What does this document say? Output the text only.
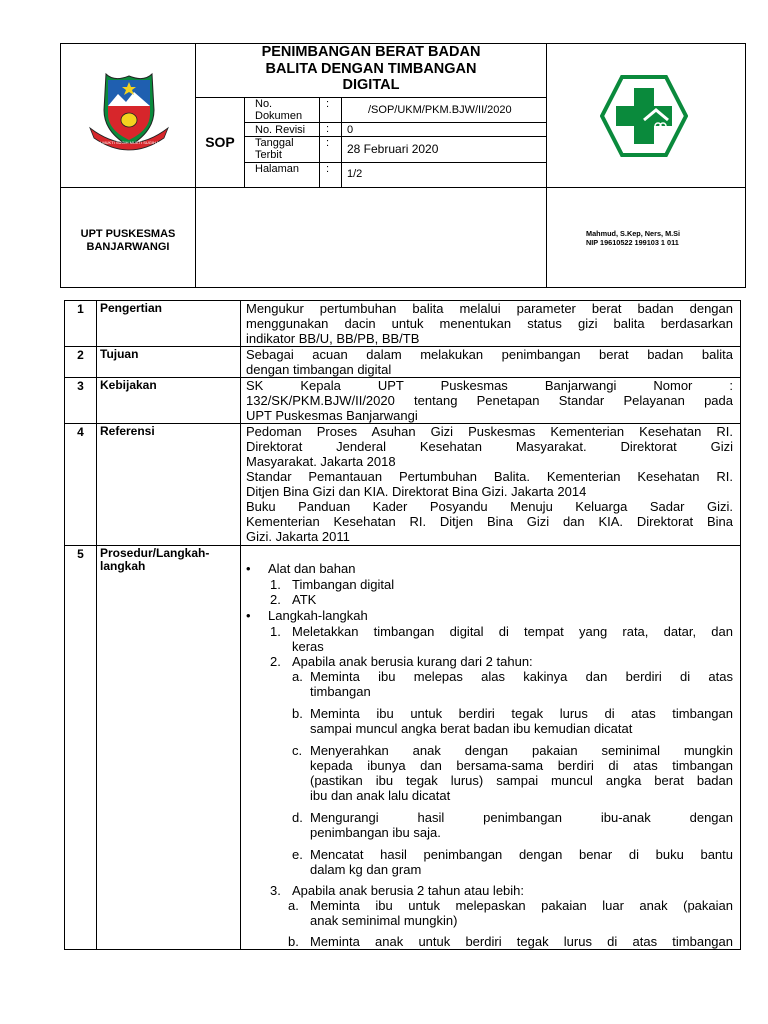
SUGIH MUKTI SUGIH MUKTI SUGIH MUKTI
PENIMBANGAN BERAT BADAN
BALITA DENGAN TIMBANGAN
DIGITAL
SOP
No.
Dokumen
:	/SOP/UKM/PKM.BJW/II/2020
No. Revisi : 0
Tanggal
Terbit
: 28 Februari 2020
Halaman : 1/2
UPT PUSKESMAS
BANJARWANGI
Mahmud, S.Kep, Ners, M.Si
NIP 19610522 199103 1 011
1	Pengertian	Mengukur pertumbuhan balita melalui parameter berat badan dengan
menggunakan dacin untuk menentukan status gizi balita berdasarkan
indikator BB/U, BB/PB, BB/TB
2	Tujuan	Sebagai acuan dalam melakukan penimbangan berat badan balita
dengan timbangan digital
3	Kebijakan	SK Kepala UPT Puskesmas Banjarwangi Nomor :
132/SK/PKM.BJW/II/2020 tentang Penetapan Standar Pelayanan pada
UPT Puskesmas Banjarwangi
4	Referensi	Pedoman Proses Asuhan Gizi Puskesmas Kementerian Kesehatan RI.
Direktorat Jenderal Kesehatan Masyarakat. Direktorat Gizi
Masyarakat. Jakarta 2018
Standar Pemantauan Pertumbuhan Balita. Kementerian Kesehatan RI.
Ditjen Bina Gizi dan KIA. Direktorat Bina Gizi. Jakarta 2014
Buku Panduan Kader Posyandu Menuju Keluarga Sadar Gizi.
Kementerian Kesehatan RI. Ditjen Bina Gizi dan KIA. Direktorat Bina
Gizi. Jakarta 2011
5	Prosedur/Langkah-
langkah	• Alat dan bahan
1. Timbangan digital
2. ATK
• Langkah-langkah
1. Meletakkan timbangan digital di tempat yang rata, datar, dan
keras
2. Apabila anak berusia kurang dari 2 tahun:
a. Meminta ibu melepas alas kakinya dan berdiri di atas
timbangan
b. Meminta ibu untuk berdiri tegak lurus di atas timbangan
sampai muncul angka berat badan ibu kemudian dicatat
c. Menyerahkan anak dengan pakaian seminimal mungkin
kepada ibunya dan bersama-sama berdiri di atas timbangan
(pastikan ibu tegak lurus) sampai muncul angka berat badan
ibu dan anak lalu dicatat
d. Mengurangi hasil penimbangan ibu-anak dengan
penimbangan ibu saja.
e. Mencatat hasil penimbangan dengan benar di buku bantu
dalam kg dan gram
3. Apabila anak berusia 2 tahun atau lebih:
a. Meminta ibu untuk melepaskan pakaian luar anak (pakaian
anak seminimal mungkin)
b. Meminta anak untuk berdiri tegak lurus di atas timbangan
